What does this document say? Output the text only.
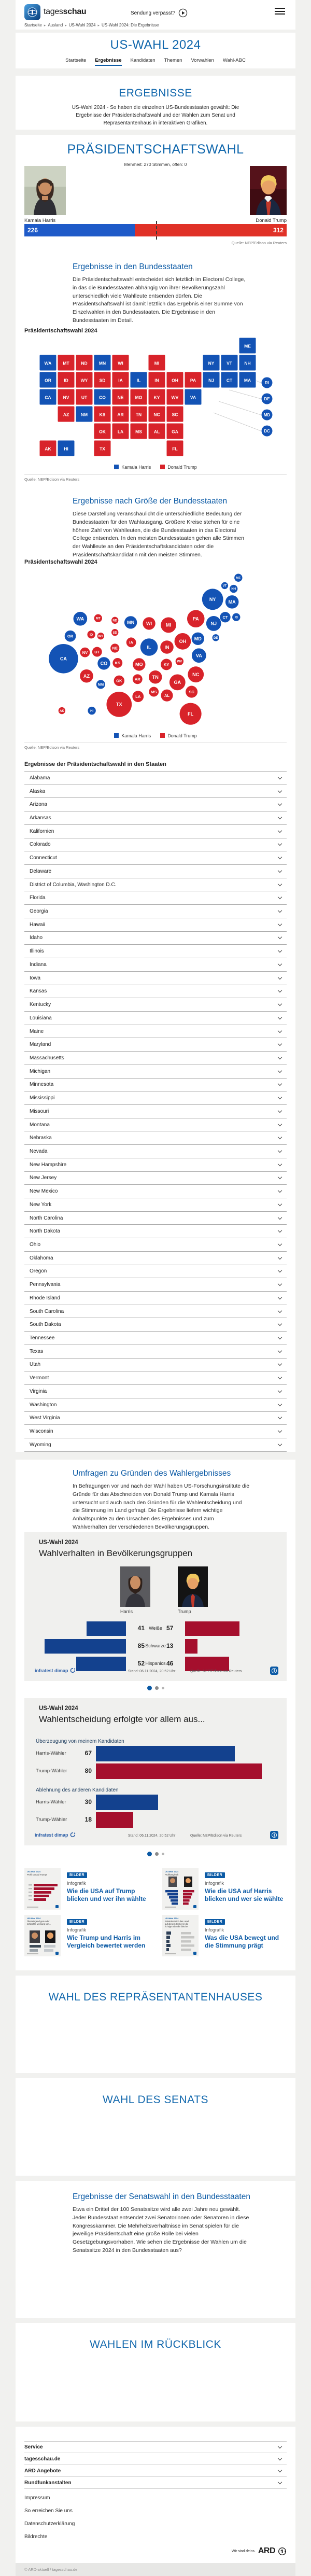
tagesschau	Sendung verpasst?
Startseite ▸ Ausland ▸ US-Wahl 2024 ▸ US-Wahl 2024: Die Ergebnisse
US-WAHL 2024
Startseite Ergebnisse Kandidaten Themen Vorwahlen Wahl-ABC
ERGEBNISSE

US-Wahl 2024 - So haben die einzelnen US-Bundesstaaten gewählt: Die Ergebnisse der Präsidentschaftswahl und der Wahlen zum Senat und Repräsentantenhaus in interaktiven Grafiken.

PRÄSIDENTSCHAFTSWAHL
Mehrheit: 270 Stimmen, offen: 0
Kamala Harris	Donald Trump
226	312
Quelle: NEP/Edison via Reuters
Ergebnisse in den Bundesstaaten

Die Präsidentschaftswahl entscheidet sich letztlich im Electoral College, in das die Bundesstaaten abhängig von ihrer Bevölkerungszahl unterschiedlich viele Wahlleute entsenden dürfen. Die Präsidentschaftswahl ist damit letztlich das Ergebnis einer Summe von Einzelwahlen in den Bundesstaaten. Die Ergebnisse in den Bundesstaaten im Detail.

Präsidentschaftswahl 2024
ME
WA	MT	ND	MN	WI	MI	NY	VT	NH
OR	ID	WY	SD	IA	IL	IN	OH	PA	NJ	CT	MA
CA	NV	UT	CO	NE	MO	KY	WV	VA
AZ	NM	KS	AR	TN	NC	SC
OK	LA	MS	AL	GA
AK	HI	TX	FL
RI
DE
MD
DC
Kamala Harris	Donald Trump
Quelle: NEP/Edison via Reuters
Ergebnisse nach Größe der Bundesstaaten

Diese Darstellung veranschaulicht die unterschiedliche Bedeutung der Bundesstaaten für den Wahlausgang. Größere Kreise stehen für eine höhere Zahl von Wahlleuten, die die Bundesstaaten in das Electoral College entsenden. In den meisten Bundesstaaten gehen alle Stimmen der Wahlleute an den Präsidentschaftskandidaten oder die Präsidentschaftskandidatin mit den meisten Stimmen.

Präsidentschaftswahl 2024
CA
TX
FL
NY
PA
IL
OH
NC
GA
MI	NJ
VA
WA
MA
IN
AZ	TN
MN	WI
MD
CO	MO
SC
AL
OR
KY
LA
CT
OK
IA
NV UT
KS
AR
MS
NE
NM
ME
NH
RI
MT
ID
WV
HI
VT
ND
WY
SD
DE
AK
Kamala Harris	Donald Trump
Quelle: NEP/Edison via Reuters
Ergebnisse der Präsidentschaftswahl in den Staaten
Alabama
Alaska
Arizona
Arkansas
Kalifornien
Colorado
Connecticut
Delaware
District of Columbia, Washington D.C.
Florida
Georgia
Hawaii
Idaho
Illinois
Indiana
Iowa
Kansas
Kentucky
Louisiana
Maine
Maryland
Massachusetts
Michigan
Minnesota
Mississippi
Missouri
Montana
Nebraska
Nevada
New Hampshire
New Jersey
New Mexico
New York
North Carolina
North Dakota
Ohio
Oklahoma
Oregon
Pennsylvania
Rhode Island
South Carolina
South Dakota
Tennessee
Texas
Utah
Vermont
Virginia
Washington
West Virginia
Wisconsin
Wyoming
Umfragen zu Gründen des Wahlergebnisses

In Befragungen vor und nach der Wahl haben US-Forschungsinstitute die Gründe für das Abschneiden von Donald Trump und Kamala Harris untersucht und auch nach den Gründen für die Wahlentscheidung und die Stimmung im Land gefragt. Die Ergebnisse liefern wichtige Anhaltspunkte zu den Ursachen des Ergebnisses und zum Wahlverhalten der verschiedenen Bevölkerungsgruppen.

US-Wahl 2024
Wahlverhalten in Bevölkerungsgruppen
Harris	Trump
41	57
Weiße
85	13
Schwarze
52	46
Hispanics
infratest dimap	Stand: 06.11.2024, 20:52 Uhr	Quelle: NEP/Edison via Reuters
US-Wahl 2024
Wahlentscheidung erfolgte vor allem aus...
Überzeugung von meinem Kandidaten
Harris-Wähler	67
Trump-Wähler	80
Ablehnung des anderen Kandidaten
Harris-Wähler	30
Trump-Wähler	18
infratest dimap	Stand: 06.11.2024, 20:52 Uhr	Quelle: NEP/Edison via Reuters
US-Wahl 2024
Profil Donald Trumps	BILDER
Infografik
Wie die USA auf Trump blicken und wer ihn wählte
US-Wahl 2024
Profilvergleich	BILDER
Infografik
Wie die USA auf Harris blicken und wer sie wählte
US-Wahl 2024
Überwiegend gute oder
schlechte Meinung von...
BILDER
Infografik
Wie Trump und Harris im Vergleich bewertet werden
US-Wahl 2024
Entwickelt sich das Land
auf diesem Gebiet in die
richtige oder die falsche
BILDER
Infografik
Was die USA bewegt und die Stimmung prägt
WAHL DES REPRÄSENTANTENHAUSES
WAHL DES SENATS
Ergebnisse der Senatswahl in den Bundesstaaten

Etwa ein Drittel der 100 Senatssitze wird alle zwei Jahre neu gewählt. Jeder Bundesstaat entsendet zwei Senatorinnen oder Senatoren in diese Kongresskammer. Die Mehrheitsverhältnisse im Senat spielen für die jeweilige Präsidentschaft eine große Rolle bei vielen Gesetzgebungsvorhaben. Wie sehen die Ergebnisse der Wahlen um die Senatssitze 2024 in den Bundesstaaten aus?

WAHLEN IM RÜCKBLICK
Service
tagesschau.de
ARD Angebote
Rundfunkanstalten
Impressum
So erreichen Sie uns
Datenschutzerklärung
Bildrechte
Wir sind deins. ARD
© ARD-aktuell / tagesschau.de
